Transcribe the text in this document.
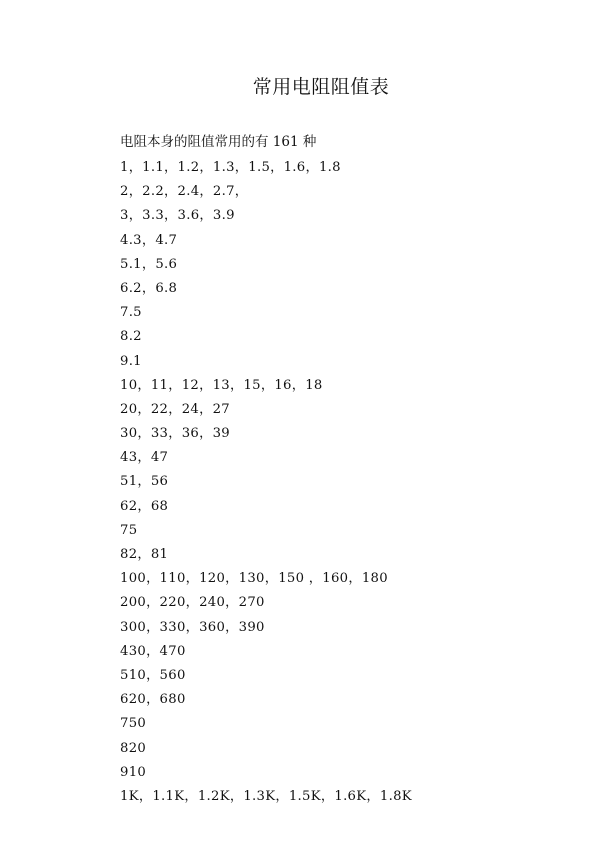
常用电阻阻值表
电阻本身的阻值常用的有 161 种
1，1.1，1.2，1.3，1.5，1.6，1.8
2，2.2，2.4，2.7，
3，3.3，3.6，3.9
4.3，4.7
5.1，5.6
6.2，6.8
7.5
8.2
9.1
10，11，12，13，15，16，18
20，22，24，27
30，33，36，39
43，47
51，56
62，68
75
82，81
100，110，120，130，150 ，160，180
200，220，240，270
300，330，360，390
430，470
510，560
620，680
750
820
910
1K，1.1K，1.2K，1.3K，1.5K，1.6K，1.8K
